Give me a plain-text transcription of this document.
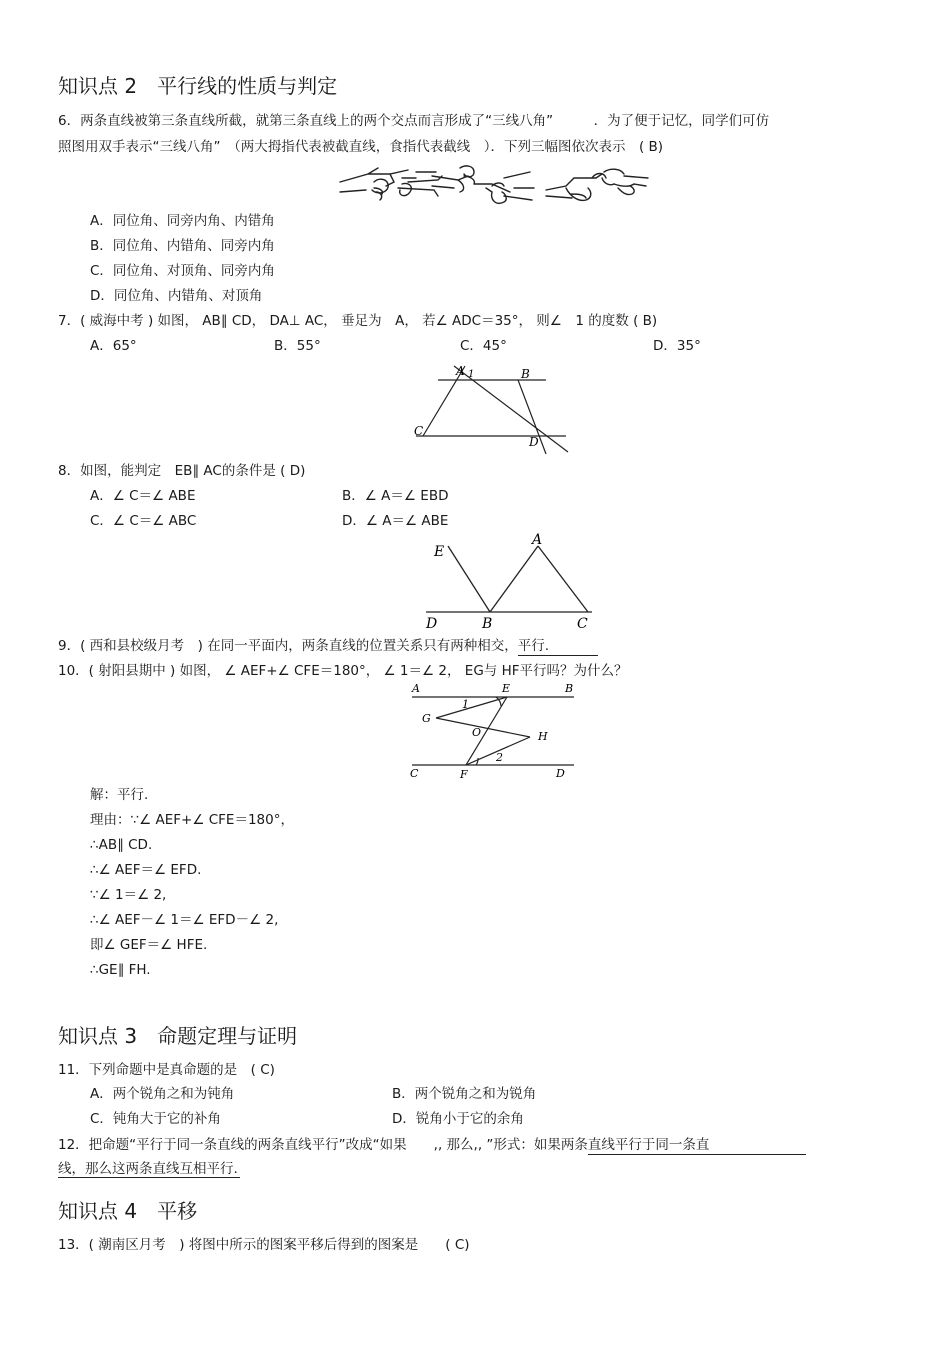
知识点 2　平行线的性质与判定
6．两条直线被第三条直线所截，就第三条直线上的两个交点而言形成了“三线八角”　　　．为了便于记忆，同学们可仿
照图用双手表示“三线八角”　（两大拇指代表被截直线，食指代表截线　）．下列三幅图依次表示　( B)
A．同位角、同旁内角、内错角
B．同位角、内错角、同旁内角
C．同位角、对顶角、同旁内角
D．同位角、内错角、对顶角
7．( 威海中考 ) 如图， AB∥ CD， DA⊥ AC， 垂足为　A， 若∠ ADC＝35°， 则∠　1 的度数 ( B)
A．65°	B．55°	C．45°	D．35°
A 1	B
C
D
8．如图，能判定　EB∥ AC的条件是 ( D)
A．∠ C＝∠ ABE	B．∠ A＝∠ EBD
C．∠ C＝∠ ABC	D．∠ A＝∠ ABE
E
A
D	B	C
9．( 西和县校级月考　) 在同一平面内，两条直线的位置关系只有两种相交，平行.
10．( 射阳县期中 ) 如图， ∠ AEF+∠ CFE＝180°， ∠ 1＝∠ 2， EG与 HF平行吗？为什么？
A	E	B
1
G
O	H
2
C	F	D
解：平行.
理由：∵∠ AEF+∠ CFE＝180°，
∴AB∥ CD.
∴∠ AEF＝∠ EFD.
∵∠ 1＝∠ 2,
∴∠ AEF－∠ 1＝∠ EFD－∠ 2,
即∠ GEF＝∠ HFE.
∴GE∥ FH.
知识点 3　命题定理与证明
11．下列命题中是真命题的是　( C)
A．两个锐角之和为钝角	B．两个锐角之和为锐角
C．钝角大于它的补角	D．锐角小于它的余角
12．把命题“平行于同一条直线的两条直线平行”改成“如果　　,, 那么,, ”形式：如果两条直线平行于同一条直
线，那么这两条直线互相平行.
知识点 4　平移
13．( 潮南区月考　) 将图中所示的图案平移后得到的图案是　　( C)
